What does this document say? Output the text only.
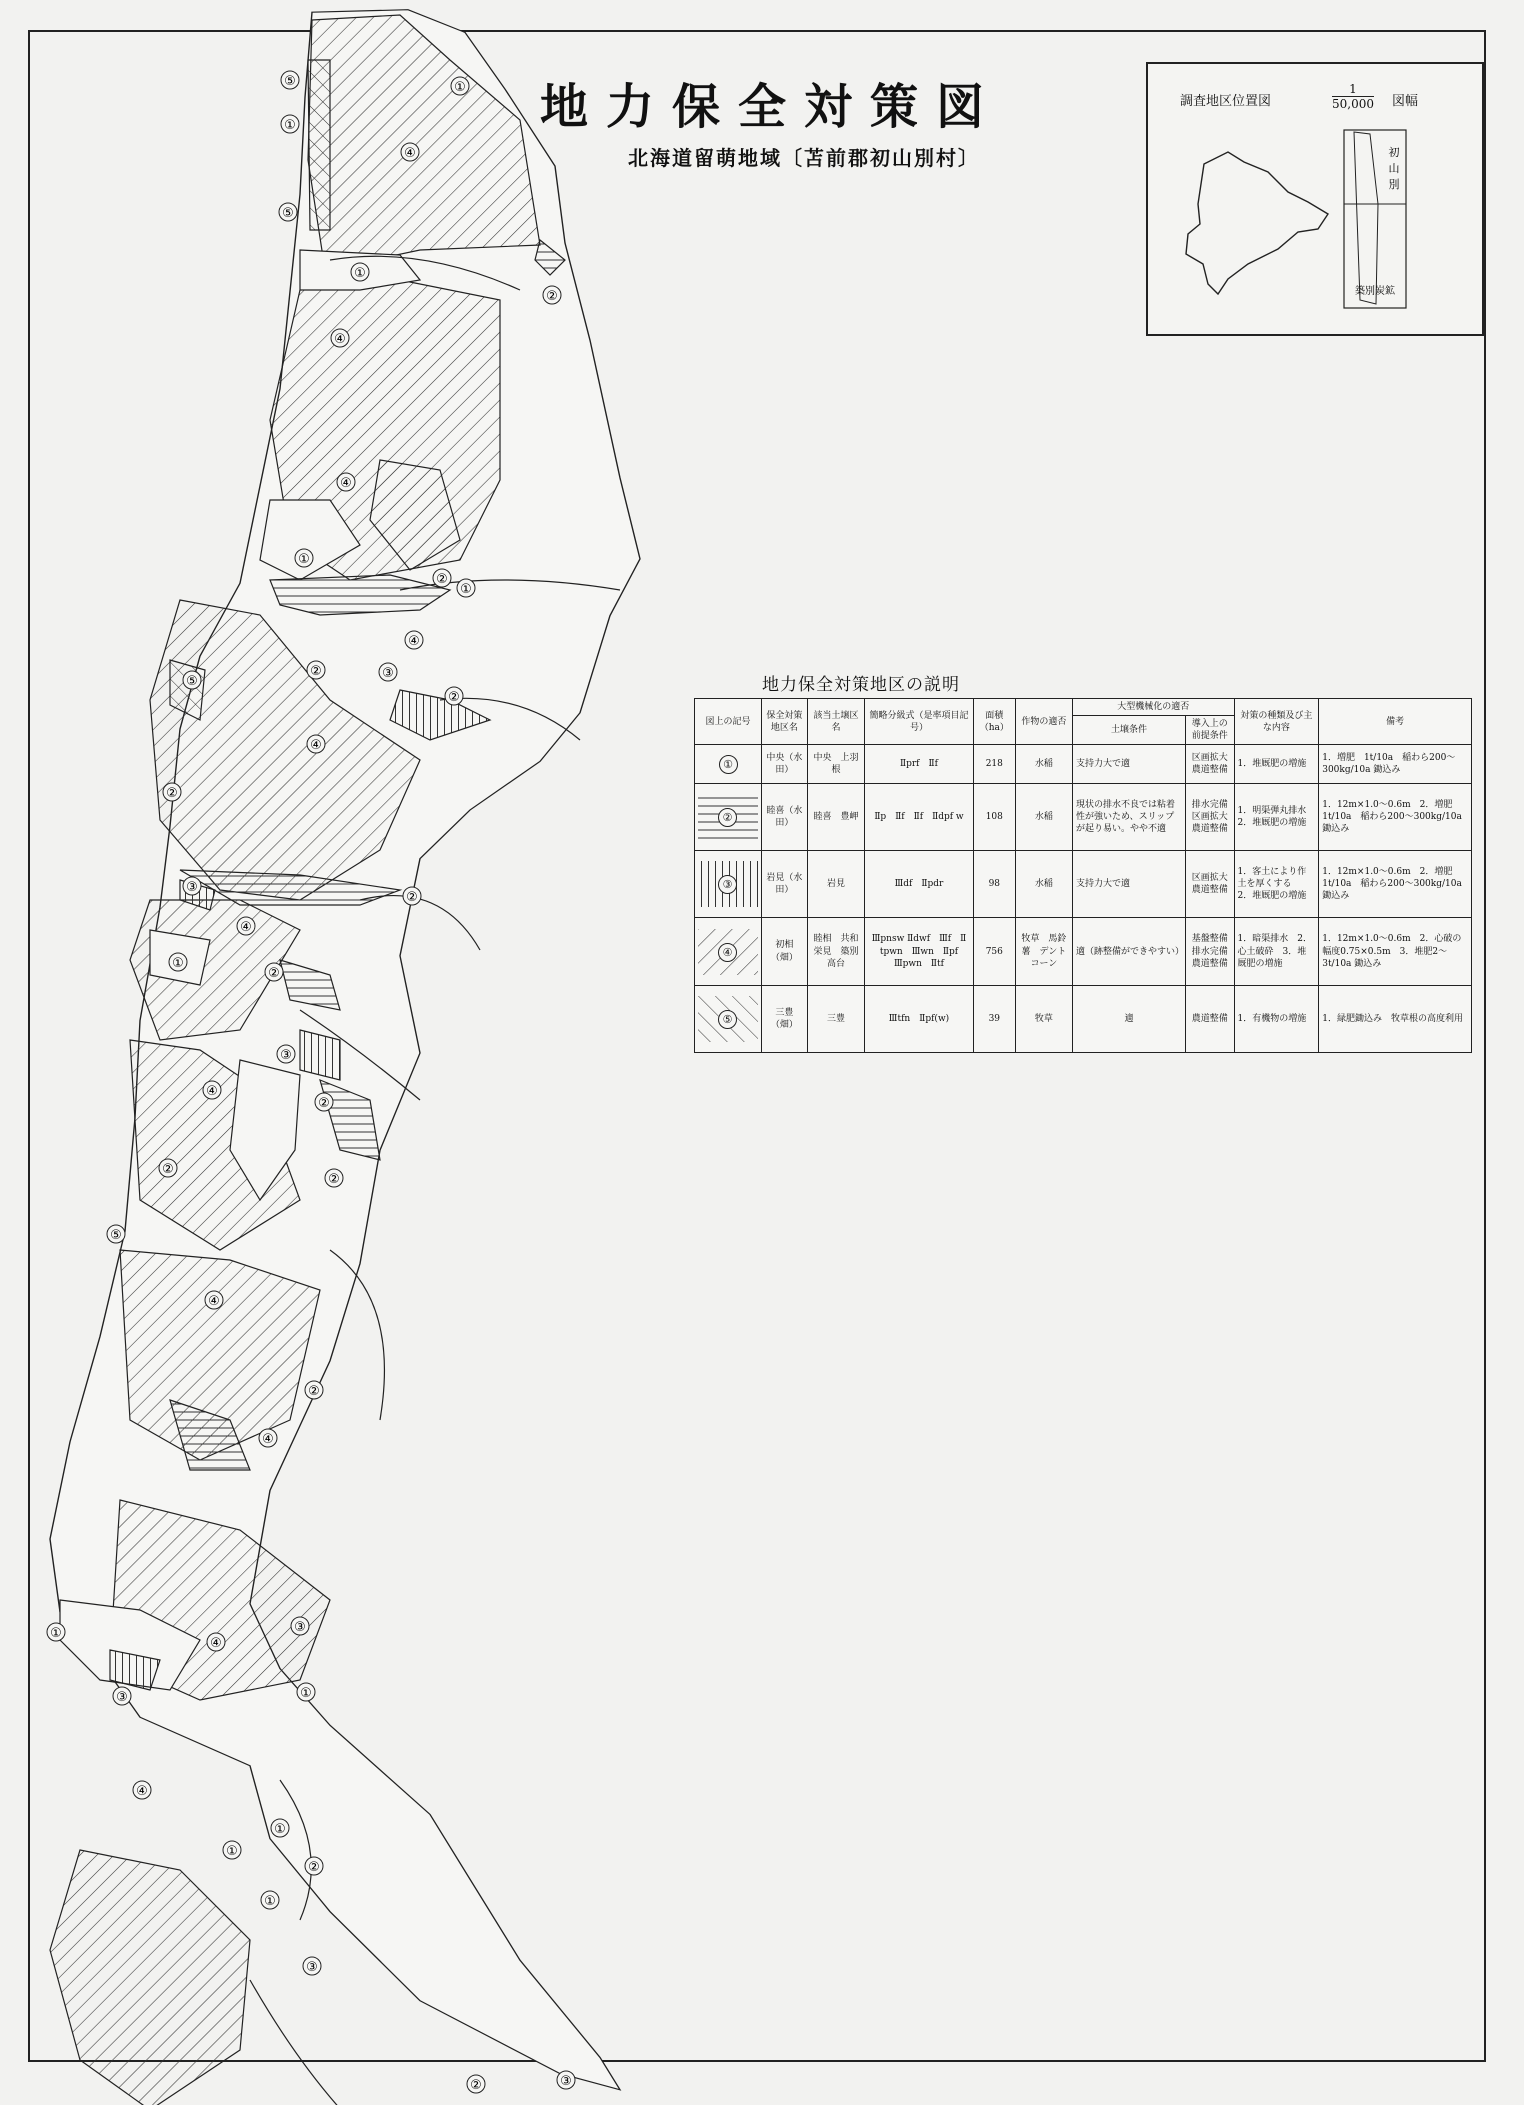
④
①
⑤
①
⑤
①
②
④
④
①
②
①
④
⑤
②	③
②
④
②
③
②
④
①
②
③
④
②
②
②
⑤
④
②
④
③
①
④
①
③
④
①
①
②
①
③
②	③
地力保全対策図
北海道留萌地域〔苫前郡初山別村〕
調査地区位置図	$\frac{1}{50,000}$ 図幅
初山別
築別炭鉱
地力保全対策地区の説明
図上の記号	保全対策地区名	該当土壌区名	簡略分級式（是率項目記号）	面積（ha）	作物の適否	大型機械化の適否		対策の種類及び主な内容	備考
						土壌条件	導入上の前提条件		
①	中央（水田）	中央　上羽根	Ⅱprf　Ⅱf	218	水稲	支持力大で適	区画拡大農道整備	1．堆厩肥の増施	1．増肥　1t/10a　稲わら200～300kg/10a 鋤込み

②	睦喜（水田）	睦喜　豊岬	Ⅱp　Ⅱf　Ⅱf　Ⅱdpf w	108	水稲	現状の排水不良では粘着性が強いため、スリップが起り易い。やや不適	排水完備区画拡大農道整備	1．明渠弾丸排水　2．堆厩肥の増施	1．12m×1.0～0.6m　2．増肥　1t/10a　稲わら200～300kg/10a 鋤込み

③	岩見（水田）	岩見	Ⅲdf　Ⅱpdr	98	水稲	支持力大で適	区画拡大農道整備	1．客土により作土を厚くする　2．堆厩肥の増施	1．12m×1.0～0.6m　2．増肥　1t/10a　稲わら200～300kg/10a 鋤込み

④	初相（畑）	睦相　共和　栄見　築別高台	Ⅲpnsw Ⅱdwf　Ⅲf　Ⅱ tpwn　Ⅲwn　Ⅱpf　Ⅲpwn　Ⅱtf	756	牧草　馬鈴薯　デントコーン	適（跡整備ができやすい）	基盤整備排水完備農道整備	1．暗渠排水　2．心土破砕　3．堆厩肥の増施	1．12m×1.0～0.6m　2．心破の幅度0.75×0.5m　3．堆肥2～3t/10a 鋤込み

⑤	三豊（畑）	三豊	Ⅲtfn　Ⅱpf(w)	39	牧草	適	農道整備	1．有機物の増施	1．緑肥鋤込み　牧草根の高度利用
